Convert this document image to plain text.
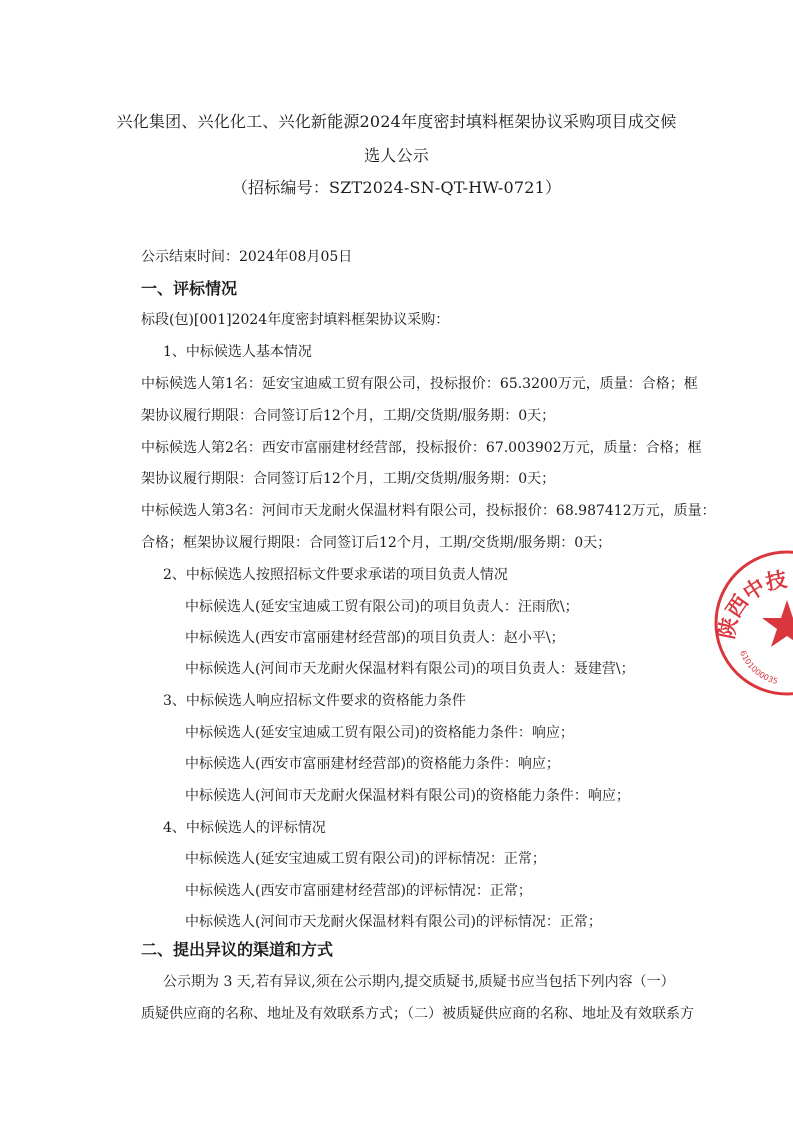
兴化集团、兴化化工、兴化新能源2024年度密封填料框架协议采购项目成交候
选人公示
（招标编号：SZT2024-SN-QT-HW-0721）
公示结束时间：2024年08月05日
一、评标情况
标段(包)[001]2024年度密封填料框架协议采购：
1、中标候选人基本情况
中标候选人第1名：延安宝迪威工贸有限公司，投标报价：65.3200万元，质量：合格；框
架协议履行期限：合同签订后12个月，工期/交货期/服务期：0天；
中标候选人第2名：西安市富丽建材经营部，投标报价：67.003902万元，质量：合格；框
架协议履行期限：合同签订后12个月，工期/交货期/服务期：0天；
中标候选人第3名：河间市天龙耐火保温材料有限公司，投标报价：68.987412万元，质量：
合格；框架协议履行期限：合同签订后12个月，工期/交货期/服务期：0天；
2、中标候选人按照招标文件要求承诺的项目负责人情况
中标候选人(延安宝迪威工贸有限公司)的项目负责人：汪雨欣\；
中标候选人(西安市富丽建材经营部)的项目负责人：赵小平\；
中标候选人(河间市天龙耐火保温材料有限公司)的项目负责人：聂建营\；
3、中标候选人响应招标文件要求的资格能力条件
中标候选人(延安宝迪威工贸有限公司)的资格能力条件：响应；
中标候选人(西安市富丽建材经营部)的资格能力条件：响应；
中标候选人(河间市天龙耐火保温材料有限公司)的资格能力条件：响应；
4、中标候选人的评标情况
中标候选人(延安宝迪威工贸有限公司)的评标情况：正常；
中标候选人(西安市富丽建材经营部)的评标情况：正常；
中标候选人(河间市天龙耐火保温材料有限公司)的评标情况：正常；
二、提出异议的渠道和方式
公示期为 3 天,若有异议,须在公示期内,提交质疑书,质疑书应当包括下列内容（一）
质疑供应商的名称、地址及有效联系方式；（二）被质疑供应商的名称、地址及有效联系方
陕西中技
6101000035
